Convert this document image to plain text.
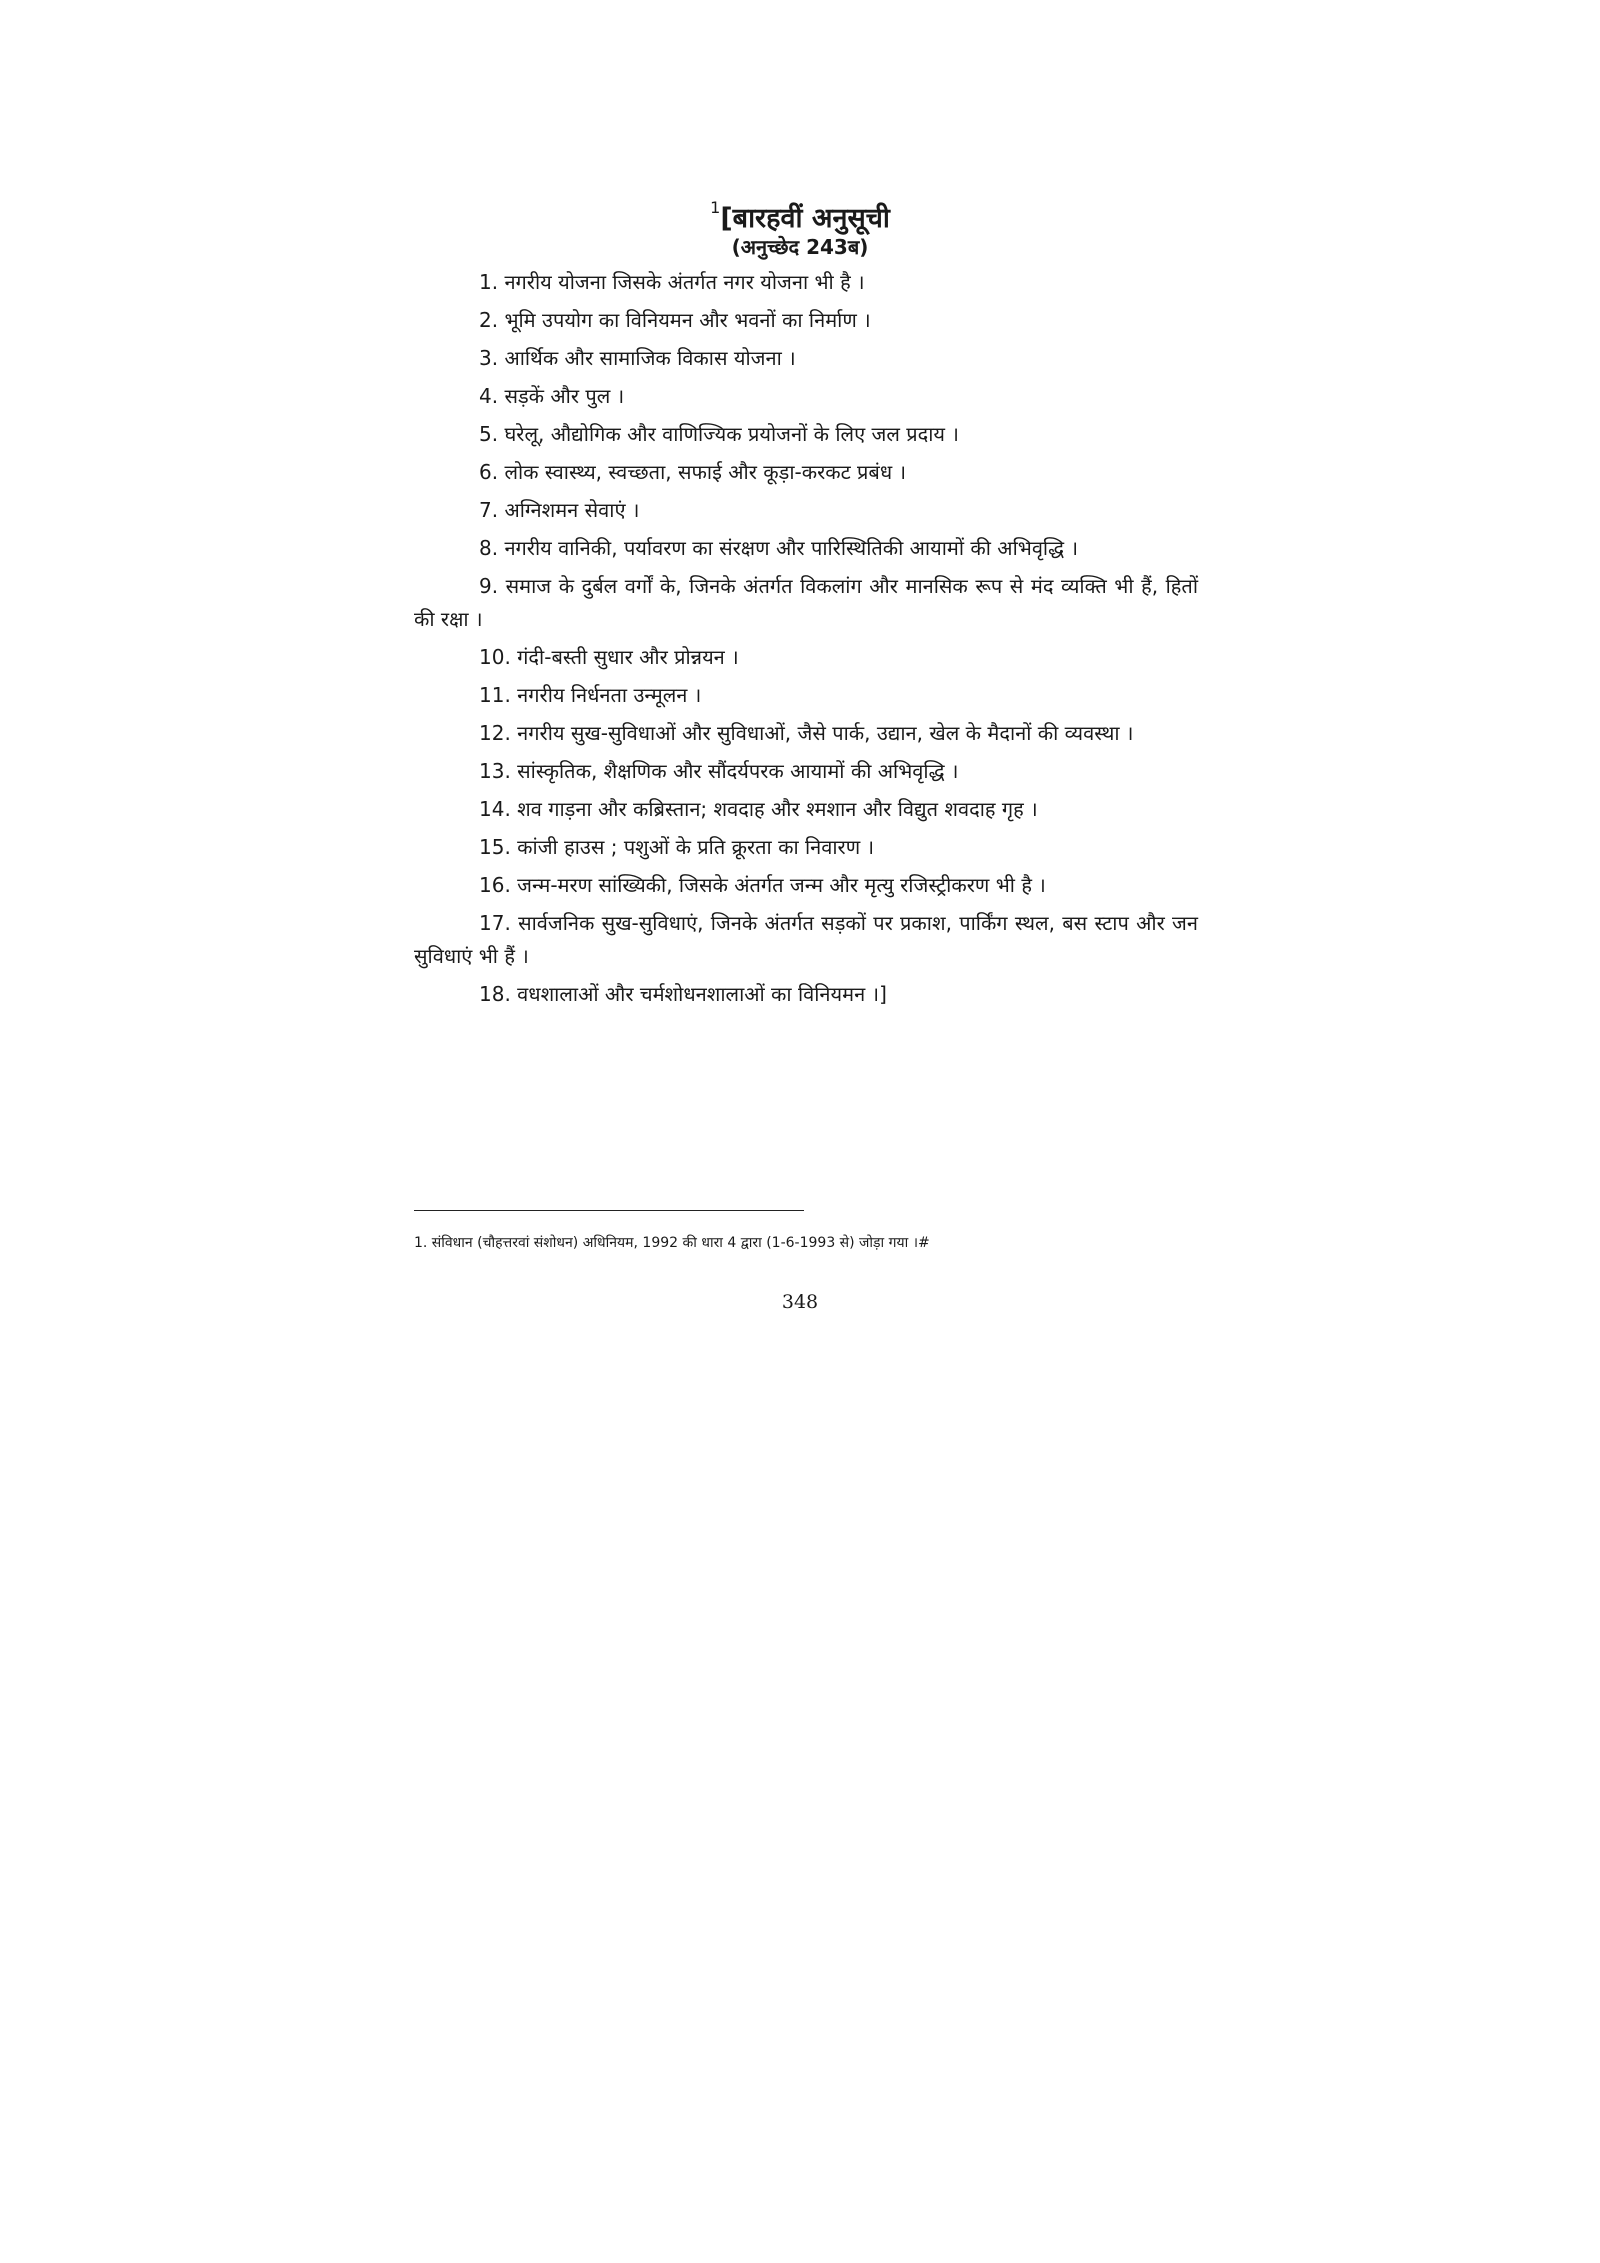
$^1$[बारहवीं अनुसूची
(अनुच्छेद 243ब)
1. नगरीय योजना जिसके अंतर्गत नगर योजना भी है ।
2. भूमि उपयोग का विनियमन और भवनों का निर्माण ।
3. आर्थिक और सामाजिक विकास योजना ।
4. सड़कें और पुल ।
5. घरेलू, औद्योगिक और वाणिज्यिक प्रयोजनों के लिए जल प्रदाय ।
6. लोक स्वास्थ्य, स्वच्छता, सफाई और कूड़ा-करकट प्रबंध ।
7. अग्निशमन सेवाएं ।
8. नगरीय वानिकी, पर्यावरण का संरक्षण और पारिस्थितिकी आयामों की अभिवृद्धि ।
9. समाज के दुर्बल वर्गों के, जिनके अंतर्गत विकलांग और मानसिक रूप से मंद व्यक्ति भी हैं, हितों की रक्षा ।
10. गंदी-बस्ती सुधार और प्रोन्नयन ।
11. नगरीय निर्धनता उन्मूलन ।
12. नगरीय सुख-सुविधाओं और सुविधाओं, जैसे पार्क, उद्यान, खेल के मैदानों की व्यवस्था ।
13. सांस्कृतिक, शैक्षणिक और सौंदर्यपरक आयामों की अभिवृद्धि ।
14. शव गाड़ना और कब्रिस्तान; शवदाह और श्मशान और विद्युत शवदाह गृह ।
15. कांजी हाउस ; पशुओं के प्रति क्रूरता का निवारण ।
16. जन्म-मरण सांख्यिकी, जिसके अंतर्गत जन्म और मृत्यु रजिस्ट्रीकरण भी है ।
17. सार्वजनिक सुख-सुविधाएं, जिनके अंतर्गत सड़कों पर प्रकाश, पार्किंग स्थल, बस स्टाप और जन सुविधाएं भी हैं ।
18. वधशालाओं और चर्मशोधनशालाओं का विनियमन ।]
1. संविधान (चौहत्तरवां संशोधन) अधिनियम, 1992 की धारा 4 द्वारा (1-6-1993 से) जोड़ा गया ।#
348
